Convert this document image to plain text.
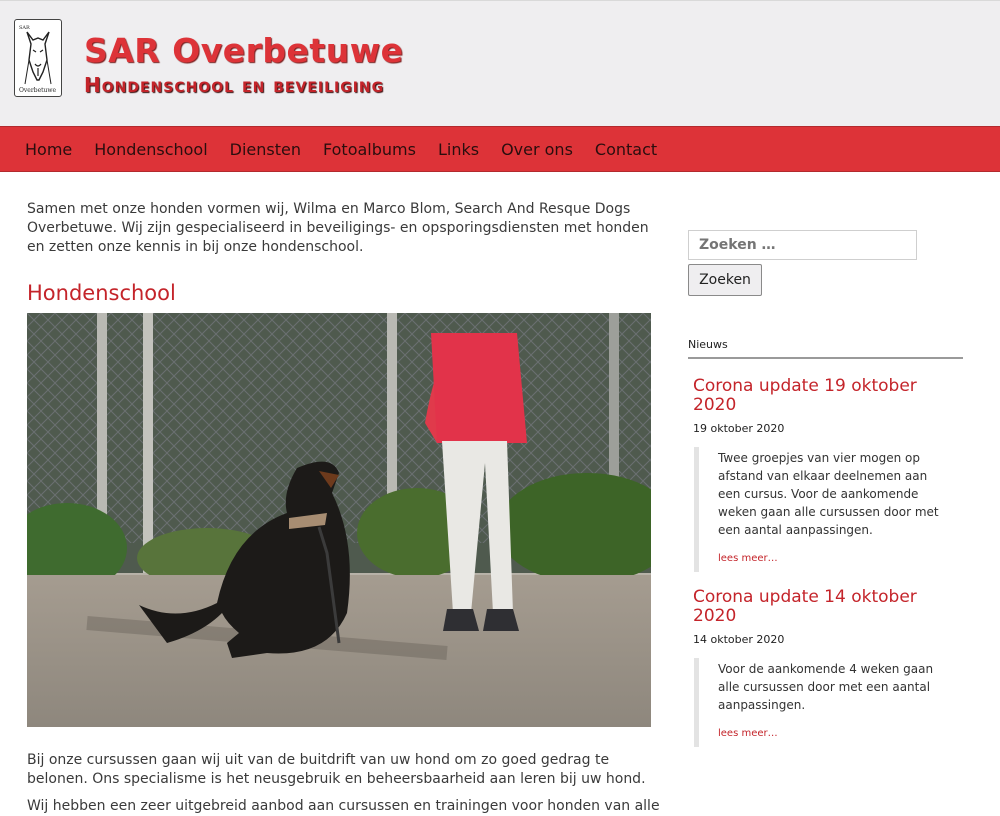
SAR
Overbetuwe
SAR Overbetuwe
Hondenschool en beveiliging
Home	Hondenschool	Diensten	Fotoalbums	Links	Over ons	Contact

Samen met onze honden vormen wij, Wilma en Marco Blom, Search And Resque Dogs Overbetuwe. Wij zijn gespecialiseerd in beveiligings- en opsporingsdiensten met honden en zetten onze kennis in bij onze hondenschool.

Hondenschool

Bij onze cursussen gaan wij uit van de buitdrift van uw hond om zo goed gedrag te belonen. Ons specialisme is het neusgebruik en beheersbaarheid aan leren bij uw hond.

Wij hebben een zeer uitgebreid aanbod aan cursussen en trainingen voor honden van alle

Zoeken …
Zoeken
Nieuws
Corona update 19 oktober 2020
19 oktober 2020

Twee groepjes van vier mogen op afstand van elkaar deelnemen aan een cursus. Voor de aankomende weken gaan alle cursussen door met een aantal aanpassingen.

lees meer…
Corona update 14 oktober 2020
14 oktober 2020

Voor de aankomende 4 weken gaan alle cursussen door met een aantal aanpassingen.

lees meer…
